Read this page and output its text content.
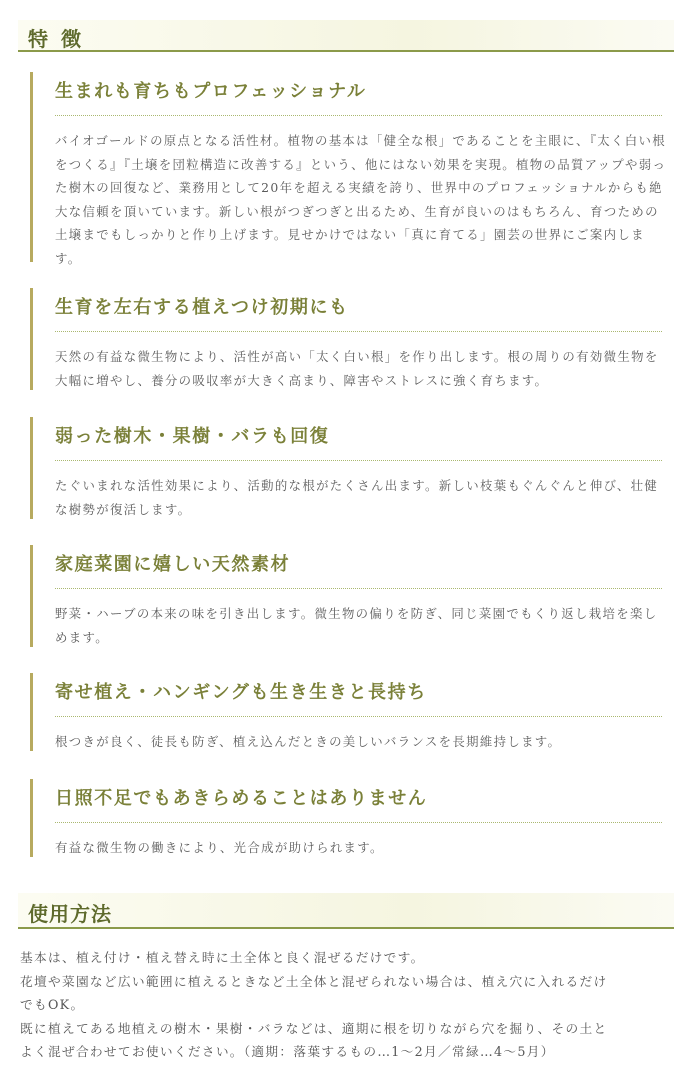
特 徴
生まれも育ちもプロフェッショナル

バイオゴールドの原点となる活性材。植物の基本は「健全な根」であることを主眼に、『太く白い根をつくる』『土壌を団粒構造に改善する』という、他にはない効果を実現。植物の品質アップや弱った樹木の回復など、業務用として20年を超える実績を誇り、世界中のプロフェッショナルからも絶大な信頼を頂いています。新しい根がつぎつぎと出るため、生育が良いのはもちろん、育つための土壌までもしっかりと作り上げます。見せかけではない「真に育てる」園芸の世界にご案内します。

生育を左右する植えつけ初期にも

天然の有益な微生物により、活性が高い「太く白い根」を作り出します。根の周りの有効微生物を大幅に増やし、養分の吸収率が大きく高まり、障害やストレスに強く育ちます。

弱った樹木・果樹・バラも回復

たぐいまれな活性効果により、活動的な根がたくさん出ます。新しい枝葉もぐんぐんと伸び、壮健な樹勢が復活します。

家庭菜園に嬉しい天然素材

野菜・ハーブの本来の味を引き出します。微生物の偏りを防ぎ、同じ菜園でもくり返し栽培を楽しめます。

寄せ植え・ハンギングも生き生きと長持ち

根つきが良く、徒長も防ぎ、植え込んだときの美しいバランスを長期維持します。

日照不足でもあきらめることはありません

有益な微生物の働きにより、光合成が助けられます。

使用方法
基本は、植え付け・植え替え時に土全体と良く混ぜるだけです。
花壇や菜園など広い範囲に植えるときなど土全体と混ぜられない場合は、植え穴に入れるだけ
でもOK。
既に植えてある地植えの樹木・果樹・バラなどは、適期に根を切りながら穴を掘り、その土と
よく混ぜ合わせてお使いください。（適期：落葉するもの…1～2月／常緑…4～5月）
